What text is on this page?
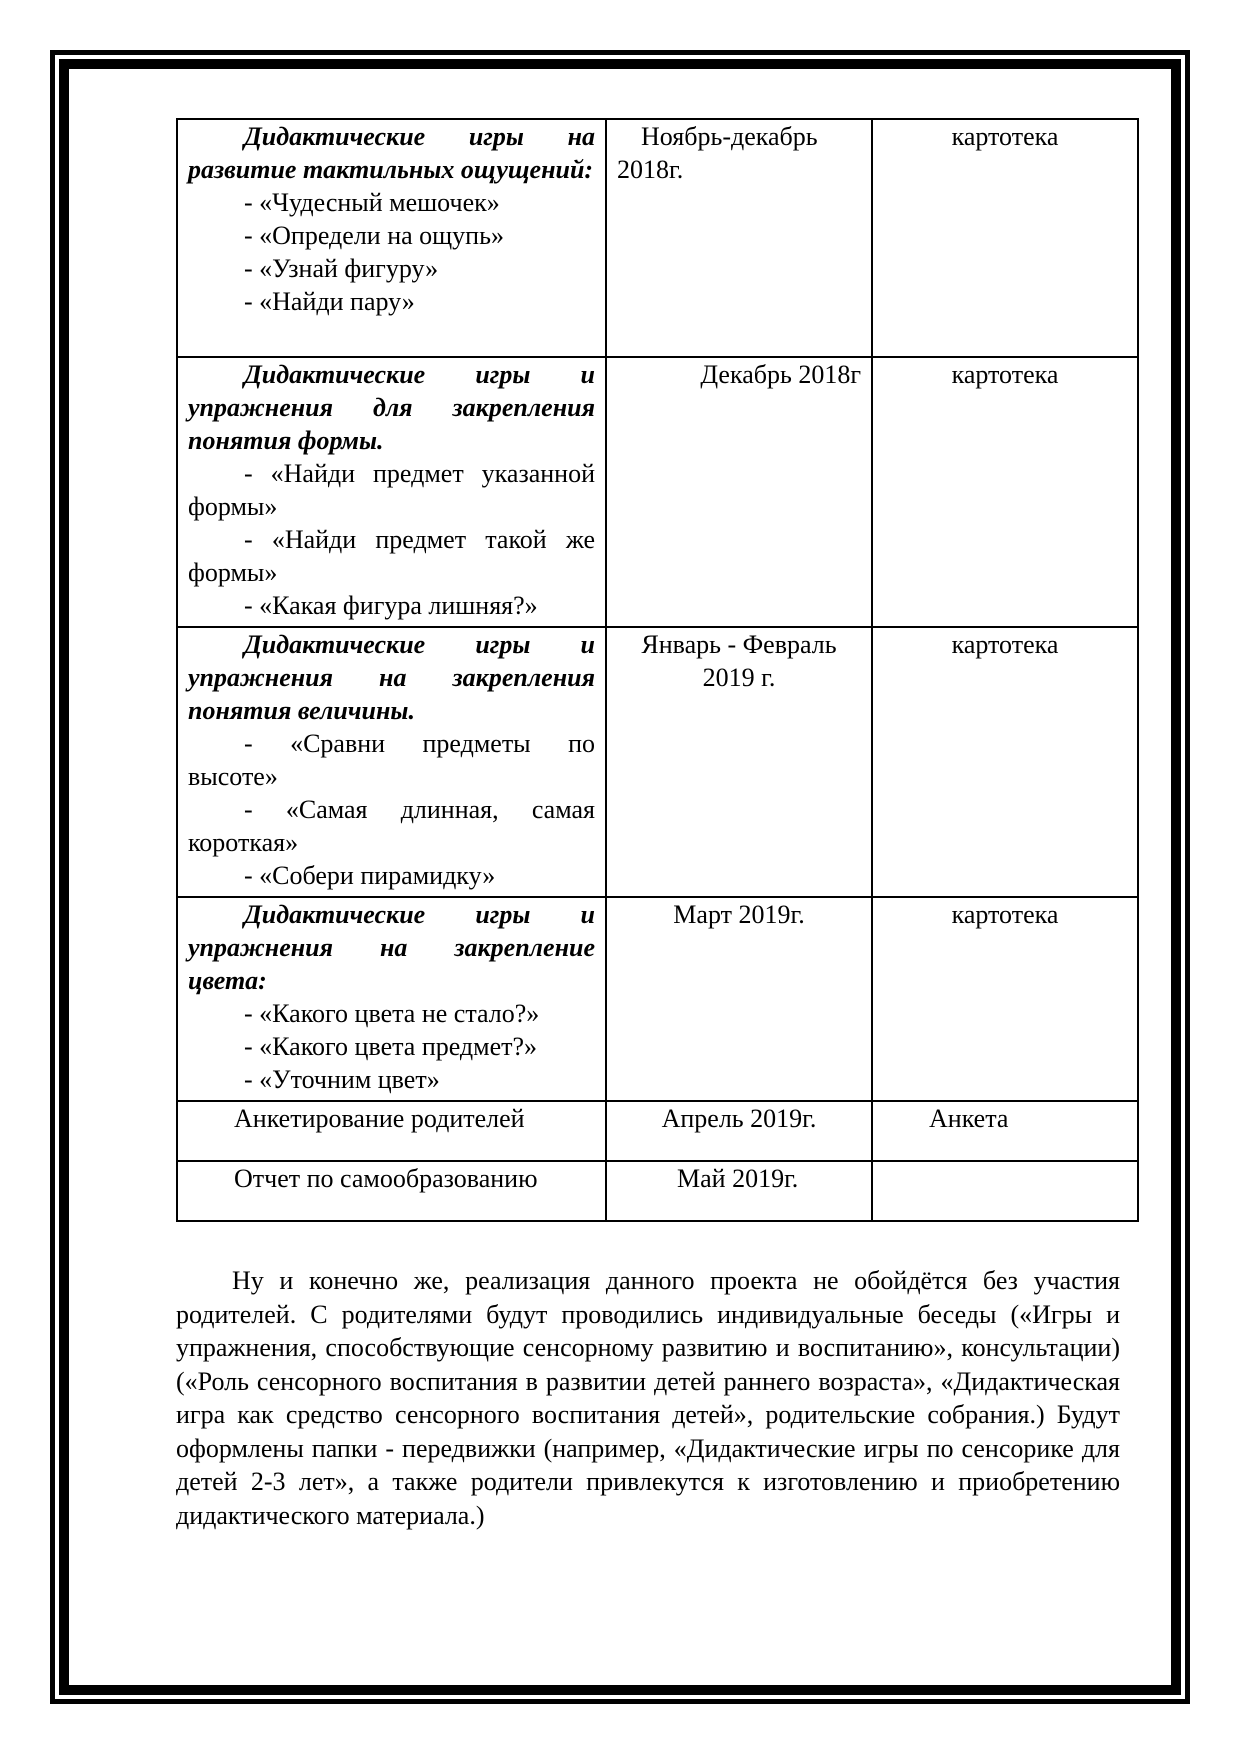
Дидактические игры на развитие тактильных ощущений:
- «Чудесный мешочек»
- «Определи на ощупь»
- «Узнай фигуру»
- «Найди пару»	Ноябрь-декабрь 2018г.	картотека

Дидактические игры и упражнения для закрепления понятия формы.
- «Найди предмет указанной формы»
- «Найди предмет такой же формы»
- «Какая фигура лишняя?»	Декабрь 2018г	картотека

Дидактические игры и упражнения на закрепления понятия величины.
- «Сравни предметы по высоте»
- «Самая длинная, самая короткая»
- «Собери пирамидку»	Январь - Февраль 2019 г.	картотека

Дидактические игры и упражнения на закрепление цвета:
- «Какого цвета не стало?»
- «Какого цвета предмет?»
- «Уточним цвет»	Март 2019г.	картотека
Анкетирование родителей	Апрель 2019г.	Анкета
Отчет по самообразованию	Май 2019г.	

Ну и конечно же, реализация данного проекта не обойдётся без участия родителей. С родителями будут проводились индивидуальные беседы («Игры и упражнения, способствующие сенсорному развитию и воспитанию», консультации) («Роль сенсорного воспитания в развитии детей раннего возраста», «Дидактическая игра как средство сенсорного воспитания детей», родительские собрания.) Будут оформлены папки - передвижки (например, «Дидактические игры по сенсорике для детей 2-3 лет», а также родители привлекутся к изготовлению и приобретению дидактического материала.)
